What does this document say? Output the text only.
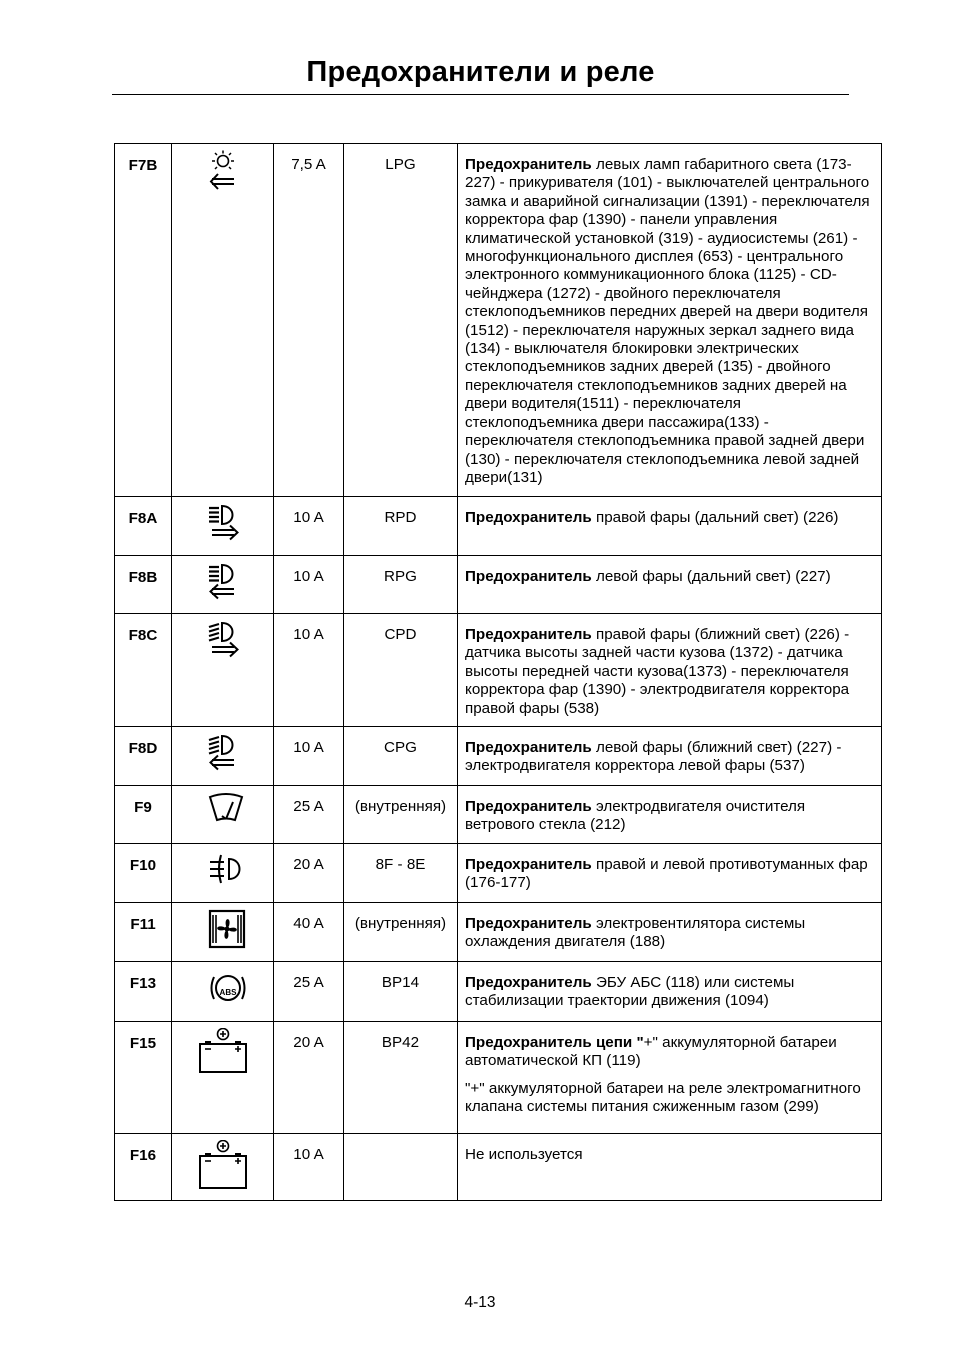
Предохранители и реле
F7B		7,5 A	LPG	Предохранитель левых ламп габаритного света (173-227) - прикуривателя (101) - выключателей центрального замка и аварийной сигнализации (1391) - переключателя корректора фар (1390) - панели управления климатической установкой (319) - аудиосистемы (261) - многофункционального дисплея (653) - центрального электронного коммуникационного блока (1125) - CD-чейнджера (1272) - двойного переключателя стеклоподъемников передних дверей на двери водителя (1512) - переключателя наружных зеркал заднего вида (134) - выключателя блокировки электрических стеклоподъемников задних дверей (135) - двойного переключателя стеклоподъемников задних дверей на двери водителя(1511) - переключателя стеклоподъемника двери пассажира(133) - переключателя стеклоподъемника правой задней двери (130) - переключателя стеклоподъемника левой задней двери(131)

F8A		10 A	RPD	Предохранитель правой фары (дальний свет) (226)

F8B		10 A	RPG	Предохранитель левой фары (дальний свет) (227)

F8C		10 A	CPD	Предохранитель правой фары (ближний свет) (226) - датчика высоты задней части кузова (1372) - датчика высоты передней части кузова(1373) - переключателя корректора фар (1390) - электродвигателя корректора правой фары (538)

F8D		10 A	CPG	Предохранитель левой фары (ближний свет) (227) - электродвигателя корректора левой фары (537)

F9		25 A	(внутренняя)	Предохранитель электродвигателя очистителя ветрового стекла (212)

F10		20 A	8F - 8E	Предохранитель правой и левой противотуманных фар (176-177)

F11		40 A	(внутренняя)	Предохранитель электровентилятора системы охлаждения двигателя (188)

F13	ABS	25 A	BP14	Предохранитель ЭБУ АБС (118) или системы стабилизации траектории движения (1094)

F15		20 A	BP42	Предохранитель цепи "+" аккумуляторной батареи автоматической КП (119)

"+" аккумуляторной батареи на реле электромагнитного клапана системы питания сжиженным газом (299)

F16		10 A		Не используется

4-13
